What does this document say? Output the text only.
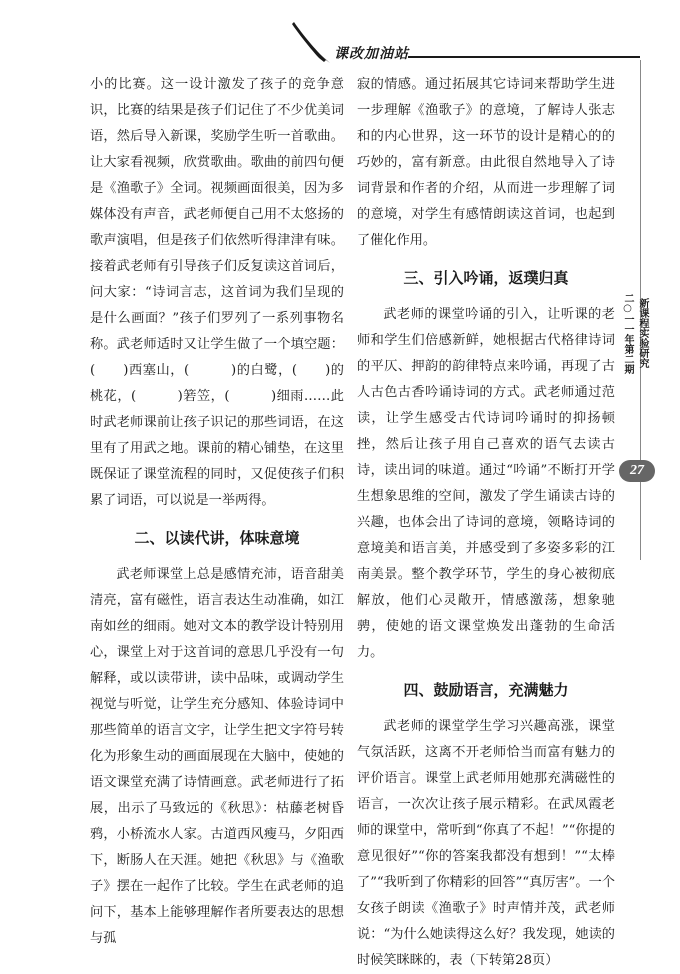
课改加油站

小的比赛。这一设计激发了孩子的竞争意识，比赛的结果是孩子们记住了不少优美词语，然后导入新课，奖励学生听一首歌曲。让大家看视频，欣赏歌曲。歌曲的前四句便是《渔歌子》全词。视频画面很美，因为多媒体没有声音，武老师便自己用不太悠扬的歌声演唱，但是孩子们依然听得津津有味。接着武老师有引导孩子们反复读这首词后，问大家：“诗词言志，这首词为我们呈现的是什么画面？”孩子们罗列了一系列事物名称。武老师适时又让学生做了一个填空题：(　　)西塞山，(　　　)的白鹭，(　　)的桃花，(　　　)箬笠，(　　　)细雨……此时武老师课前让孩子识记的那些词语，在这里有了用武之地。课前的精心铺垫，在这里既保证了课堂流程的同时，又促使孩子们积累了词语，可以说是一举两得。

二、以读代讲，体味意境

武老师课堂上总是感情充沛，语音甜美清亮，富有磁性，语言表达生动准确，如江南如丝的细雨。她对文本的教学设计特别用心，课堂上对于这首词的意思几乎没有一句解释，或以读带讲，读中品味，或调动学生视觉与听觉，让学生充分感知、体验诗词中那些简单的语言文字，让学生把文字符号转化为形象生动的画面展现在大脑中，使她的语文课堂充满了诗情画意。武老师进行了拓展，出示了马致远的《秋思》：枯藤老树昏鸦，小桥流水人家。古道西风瘦马，夕阳西下，断肠人在天涯。她把《秋思》与《渔歌子》摆在一起作了比较。学生在武老师的追问下，基本上能够理解作者所要表达的思想与孤

寂的情感。通过拓展其它诗词来帮助学生进一步理解《渔歌子》的意境，了解诗人张志和的内心世界，这一环节的设计是精心的的巧妙的，富有新意。由此很自然地导入了诗词背景和作者的介绍，从而进一步理解了词的意境，对学生有感情朗读这首词，也起到了催化作用。

三、引入吟诵，返璞归真

武老师的课堂吟诵的引入，让听课的老师和学生们倍感新鲜，她根据古代格律诗词的平仄、押韵的韵律特点来吟诵，再现了古人古色古香吟诵诗词的方式。武老师通过范读，让学生感受古代诗词吟诵时的抑扬顿挫，然后让孩子用自己喜欢的语气去读古诗，读出词的味道。通过“吟诵”不断打开学生想象思维的空间，激发了学生诵读古诗的兴趣，也体会出了诗词的意境，领略诗词的意境美和语言美，并感受到了多姿多彩的江南美景。整个教学环节，学生的身心被彻底解放，他们心灵敞开，情感激荡，想象驰骋，使她的语文课堂焕发出蓬勃的生命活力。

四、鼓励语言，充满魅力

武老师的课堂学生学习兴趣高涨，课堂气氛活跃，这离不开老师恰当而富有魅力的评价语言。课堂上武老师用她那充满磁性的语言，一次次让孩子展示精彩。在武凤霞老师的课堂中，常听到“你真了不起！”“你提的意见很好”“你的答案我都没有想到！”“太棒了”“我听到了你精彩的回答”“真厉害”。一个女孩子朗读《渔歌子》时声情并茂，武老师说：“为什么她读得这么好？我发现，她读的时候笑眯眯的，表（下转第28页）

新课程实验研究
二○一一年第二期
27
